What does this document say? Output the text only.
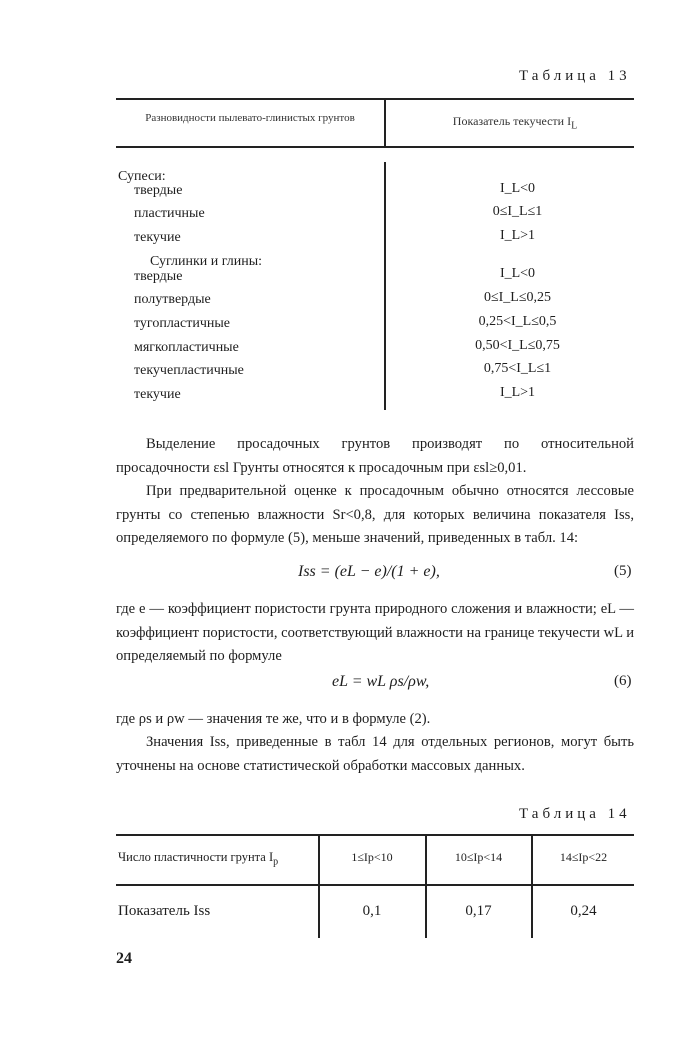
Таблица 13
Разновидности пылевато-глинистых грунтов	Показатель текучести $I_L$
Супеси:
твердые	I_L<0
пластичные	0≤I_L≤1
текучие	I_L>1
Суглинки и глины:
твердые	I_L<0
полутвердые	0≤I_L≤0,25
тугопластичные	0,25<I_L≤0,5
мягкопластичные	0,50<I_L≤0,75
текучепластичные	0,75<I_L≤1
текучие	I_L>1
Выделение просадочных грунтов производят по относительной просадочности εsl Грунты относятся к просадочным при εsl≥0,01.
При предварительной оценке к просадочным обычно относятся лессовые грунты со степенью влажности Sr<0,8, для которых величина показателя Iss, определяемого по формуле (5), меньше значений, приведенных в табл. 14:
Iss = (eL − e)/(1 + e),	(5)
где e — коэффициент пористости грунта природного сложения и влажности; eL — коэффициент пористости, соответствующий влажности на границе текучести wL и определяемый по формуле
eL = wL ρs/ρw,	(6)
где ρs и ρw — значения те же, что и в формуле (2).
Значения Iss, приведенные в табл 14 для отдельных регионов, могут быть уточнены на основе статистической обработки массовых данных.
Таблица 14
Число пластичности грунта $I_p$	1≤Ip<10	10≤Ip<14	14≤Ip<22
Показатель Iss	0,1	0,17	0,24
24
